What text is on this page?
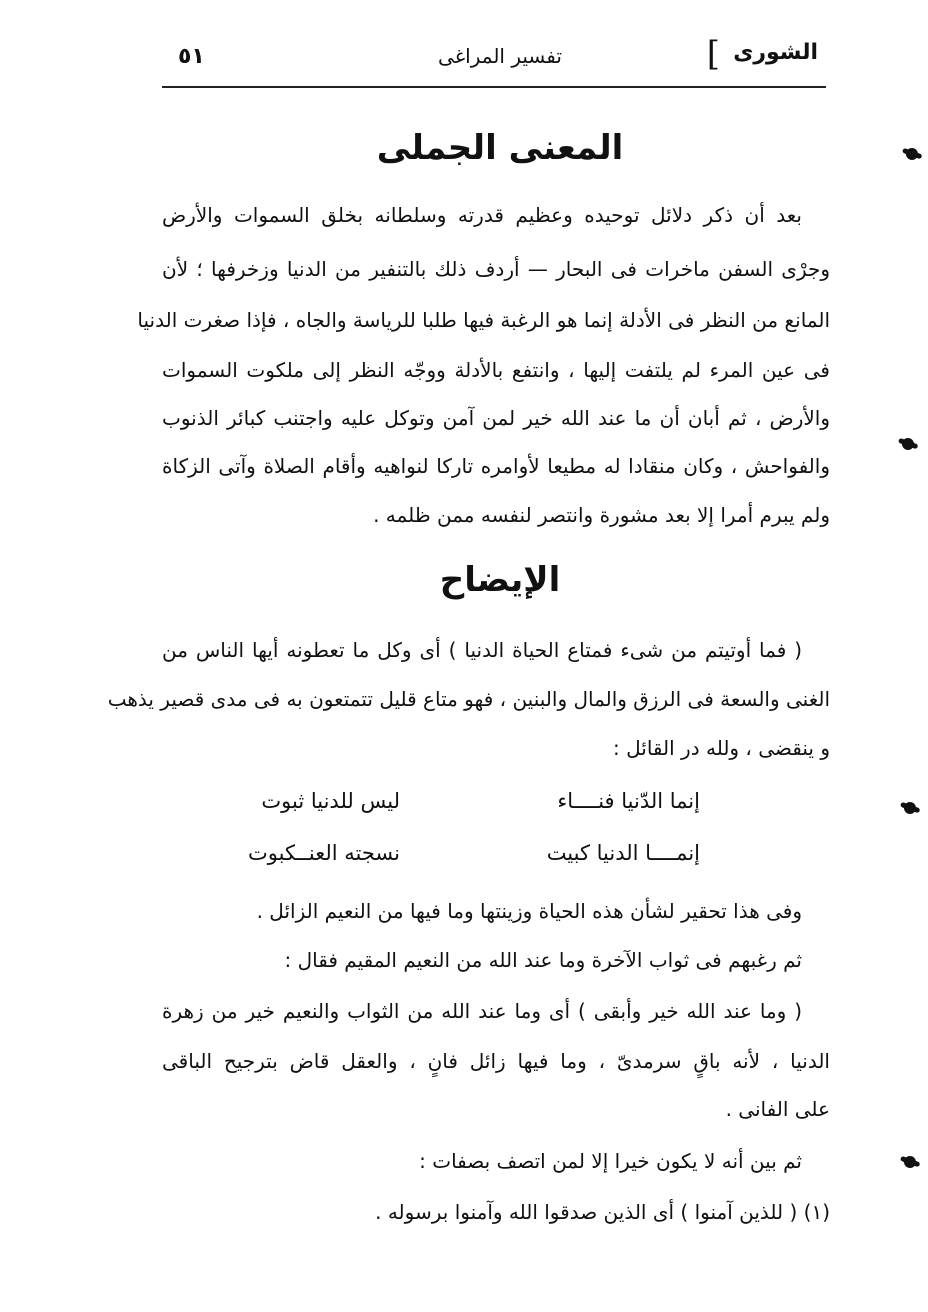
الشورى
]
تفسير المراغى
٥١
المعنى الجملى
بعد أن ذكر دلائل توحيده وعظيم قدرته وسلطانه بخلق السموات والأرض
وجرْى السفن ماخرات فى البحار — أردف ذلك بالتنفير من الدنيا وزخرفها ؛ لأن
المانع من النظر فى الأدلة إنما هو الرغبة فيها طلبا للرياسة والجاه ، فإذا صغرت الدنيا
فى عين المرء لم يلتفت إليها ، وانتفع بالأدلة ووجّه النظر إلى ملكوت السموات
والأرض ، ثم أبان أن ما عند الله خير لمن آمن وتوكل عليه واجتنب كبائر الذنوب
والفواحش ، وكان منقادا له مطيعا لأوامره تاركا لنواهيه وأقام الصلاة وآتى الزكاة
ولم يبرم أمرا إلا بعد مشورة وانتصر لنفسه ممن ظلمه .
الإيضاح
( فما أوتيتم من شىء فمتاع الحياة الدنيا ) أى وكل ما تعطونه أيها الناس من
الغنى والسعة فى الرزق والمال والبنين ، فهو متاع قليل تتمتعون به فى مدى قصير يذهب
و ينقضى ، ولله در القائل :
إنما الدّنيا فنــــاء
ليس للدنيا ثبوت
إنمــــا الدنيا كبيت
نسجته العنــكبوت
وفى هذا تحقير لشأن هذه الحياة وزينتها وما فيها من النعيم الزائل .
ثم رغبهم فى ثواب الآخرة وما عند الله من النعيم المقيم فقال :
( وما عند الله خير وأبقى ) أى وما عند الله من الثواب والنعيم خير من زهرة
الدنيا ، لأنه باقٍ سرمدىّ ، وما فيها زائل فانٍ ، والعقل قاض بترجيح الباقى
على الفانى .
ثم بين أنه لا يكون خيرا إلا لمن اتصف بصفات :
(١) ( للذين آمنوا ) أى الذين صدقوا الله وآمنوا برسوله .
